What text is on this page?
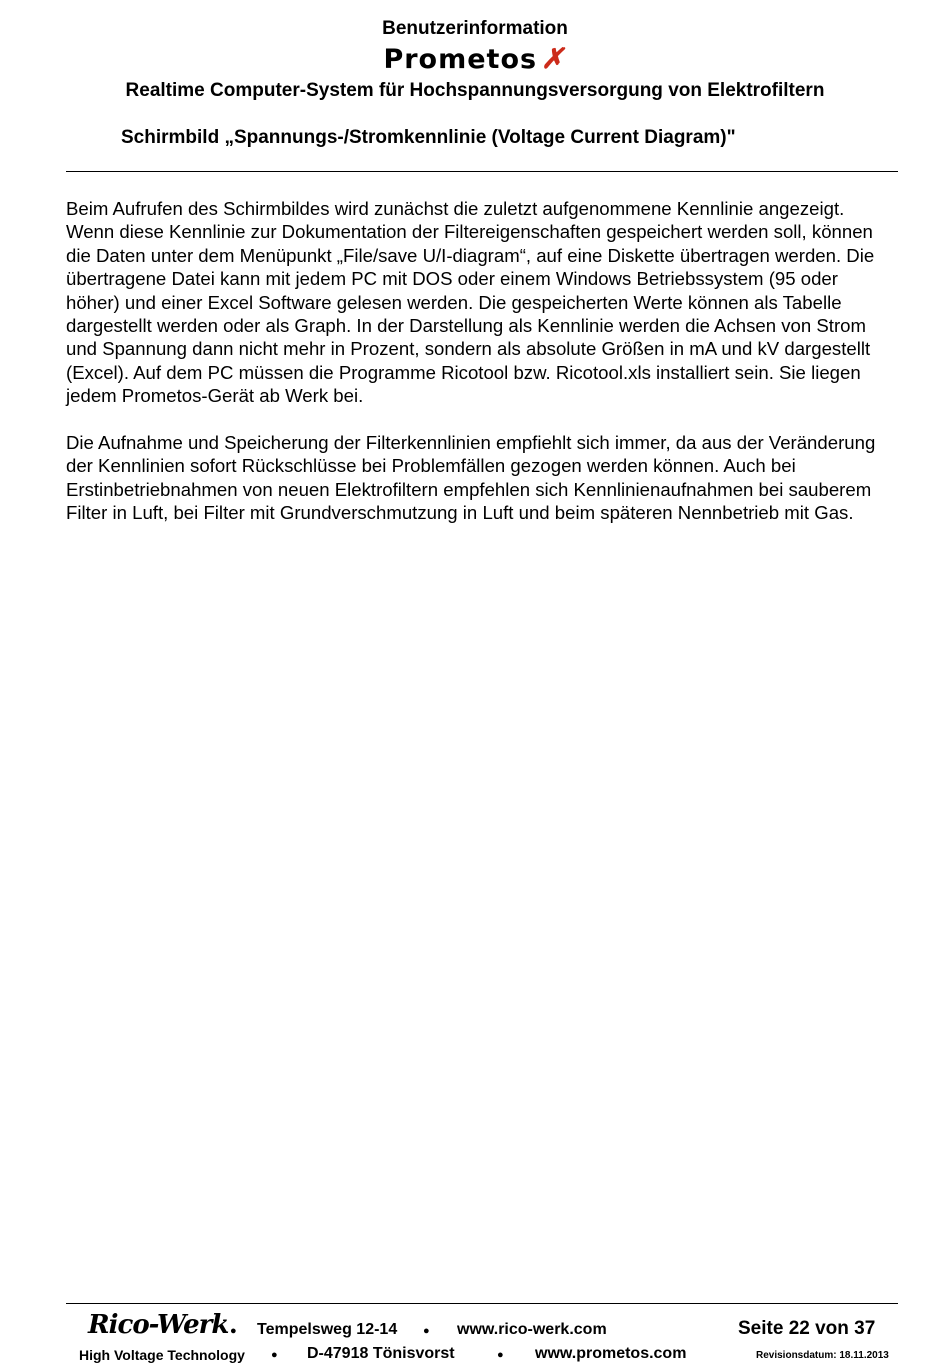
Benutzerinformation
Prometos✗
Realtime Computer-System für Hochspannungsversorgung von Elektrofiltern
Schirmbild „Spannungs-/Stromkennlinie (Voltage Current Diagram)"

Beim Aufrufen des Schirmbildes wird zunächst die zuletzt aufgenommene Kennlinie angezeigt. Wenn diese Kennlinie zur Dokumentation der Filtereigenschaften gespeichert werden soll, können die Daten unter dem Menüpunkt „File/save U/I-diagram“, auf eine Diskette übertragen werden. Die übertragene Datei kann mit jedem PC mit DOS oder einem Windows Betriebssystem (95 oder höher) und einer Excel Software gelesen werden. Die gespeicherten Werte können als Tabelle dargestellt werden oder als Graph. In der Darstellung als Kennlinie werden die Achsen von Strom und Spannung dann nicht mehr in Prozent, sondern als absolute Größen in mA und kV dargestellt (Excel). Auf dem PC müssen die Programme Ricotool bzw. Ricotool.xls installiert sein. Sie liegen jedem Prometos-Gerät ab Werk bei.

Die Aufnahme und Speicherung der Filterkennlinien empfiehlt sich immer, da aus der Veränderung der Kennlinien sofort Rückschlüsse bei Problemfällen gezogen werden können. Auch bei Erstinbetriebnahmen von neuen Elektrofiltern empfehlen sich Kennlinienaufnahmen bei sauberem Filter in Luft, bei Filter mit Grundverschmutzung in Luft und beim späteren Nennbetrieb mit Gas.

Rico-Werk ● Tempelsweg 12-14 ● www.rico-werk.com	Seite 22 von 37
High Voltage Technology ● D-47918 Tönisvorst	● www.prometos.com	Revisionsdatum: 18.11.2013
